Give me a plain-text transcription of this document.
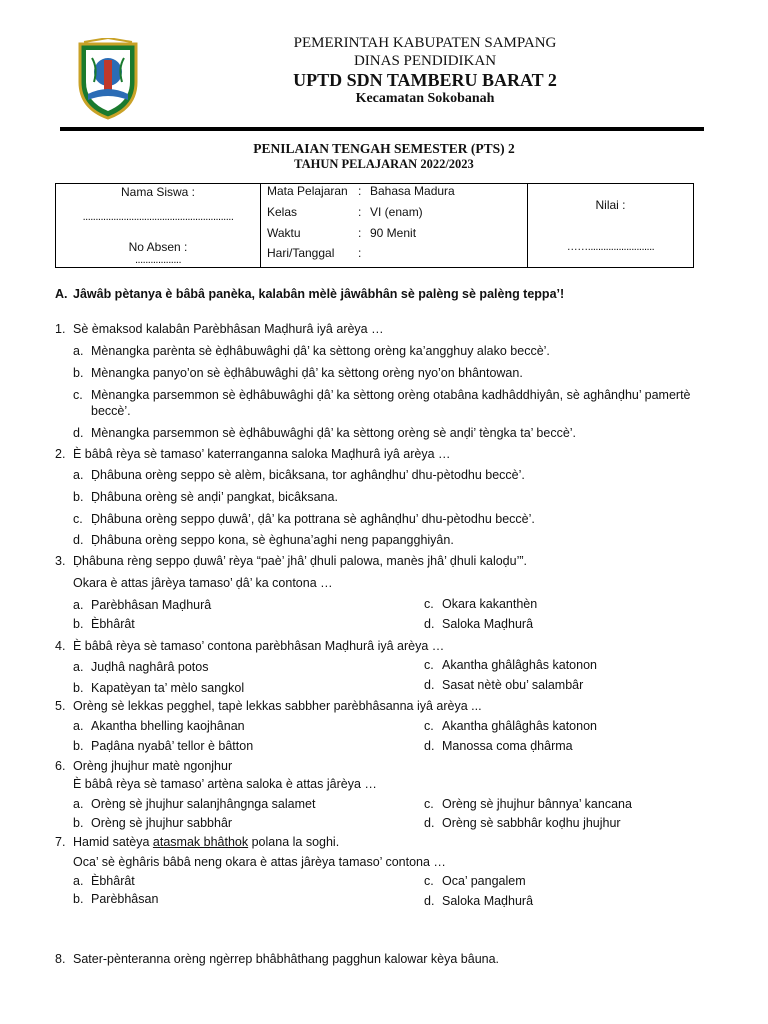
PEMERINTAH KABUPATEN SAMPANG
DINAS PENDIDIKAN
UPTD SDN TAMBERU BARAT 2
Kecamatan Sokobanah
PENILAIAN TENGAH SEMESTER (PTS) 2
TAHUN PELAJARAN 2022/2023
Nama Siswa :
...........................................................
No Absen :
..................

Mata Pelajaran : Bahasa Madura
Kelas	: VI (enam)
Waktu	: 90 Menit
Hari/Tanggal :

Nilai :
……..........................
A. Jâwâb pètanya è bâbâ panèka, kalabân mèlè jâwâbhân sè palèng sè palèng teppa’!
1. Sè èmaksod kalabân Parèbhâsan Maḍhurâ iyâ arèya …
a. Mènangka parènta sè èḍhâbuwâghi ḍâ’ ka sèttong orèng ka’angghuy alako beccè’.
b. Mènangka panyo’on sè èḍhâbuwâghi ḍâ’ ka sèttong orèng nyo’on bhântowan.
c. Mènangka parsemmon sè èḍhâbuwâghi ḍâ’ ka sèttong orèng otabâna kadhâddhiyân, sè aghânḍhu’ pamertè
beccè’.
d. Mènangka parsemmon sè èḍhâbuwâghi ḍâ’ ka sèttong orèng sè anḍi’ tèngka ta’ beccè’.
2. È bâbâ rèya sè tamaso’ katerranganna saloka Maḍhurâ iyâ arèya …
a. Ḍhâbuna orèng seppo sè alèm, bicâksana, tor aghânḍhu’ dhu-pètodhu beccè’.
b. Ḍhâbuna orèng sè anḍi’ pangkat, bicâksana.
c. Ḍhâbuna orèng seppo ḍuwâ’, ḍâ’ ka pottrana sè aghânḍhu’ dhu-pètodhu beccè’.
d. Ḍhâbuna orèng seppo kona, sè èghuna’aghi neng papangghiyân.
3. Ḍhâbuna rèng seppo ḍuwâ’ rèya “paè’ jhâ’ ḍhuli palowa, manès jhâ’ ḍhuli kaloḍu’”.
Okara è attas jârèya tamaso’ ḍâ’ ka contona …
a. Parèbhâsan Maḍhurâ
b. Èbhârât
c. Okara kakanthèn
d. Saloka Maḍhurâ
4. È bâbâ rèya sè tamaso’ contona parèbhâsan Maḍhurâ iyâ arèya …
a. Juḍhâ naghârâ potos
b. Kapatèyan ta’ mèlo sangkol
c. Akantha ghâlâghâs katonon
d. Sasat nètè obu’ salambâr
5. Orèng sè lekkas pegghel, tapè lekkas sabbher parèbhâsanna iyâ arèya ...
a. Akantha bhelling kaojhânan
b. Paḍâna nyabâ’ tellor è bâtton
c. Akantha ghâlâghâs katonon
d. Manossa coma ḍhârma
6. Orèng jhujhur matè ngonjhur
È bâbâ rèya sè tamaso’ artèna saloka è attas jârèya …
a. Orèng sè jhujhur salanjhângnga salamet
b. Orèng sè jhujhur sabbhâr
c. Orèng sè jhujhur bânnya’ kancana
d. Orèng sè sabbhâr koḍhu jhujhur
7. Hamid satèya atasmak bhâthok polana la soghi.
Oca’ sè èghâris bâbâ neng okara è attas jârèya tamaso’ contona …
a. Èbhârât
b. Parèbhâsan
c. Oca’ pangalem
d. Saloka Maḍhurâ
8. Sater-pènteranna orèng ngèrrep bhâbhâthang pagghun kalowar kèya bâuna.
